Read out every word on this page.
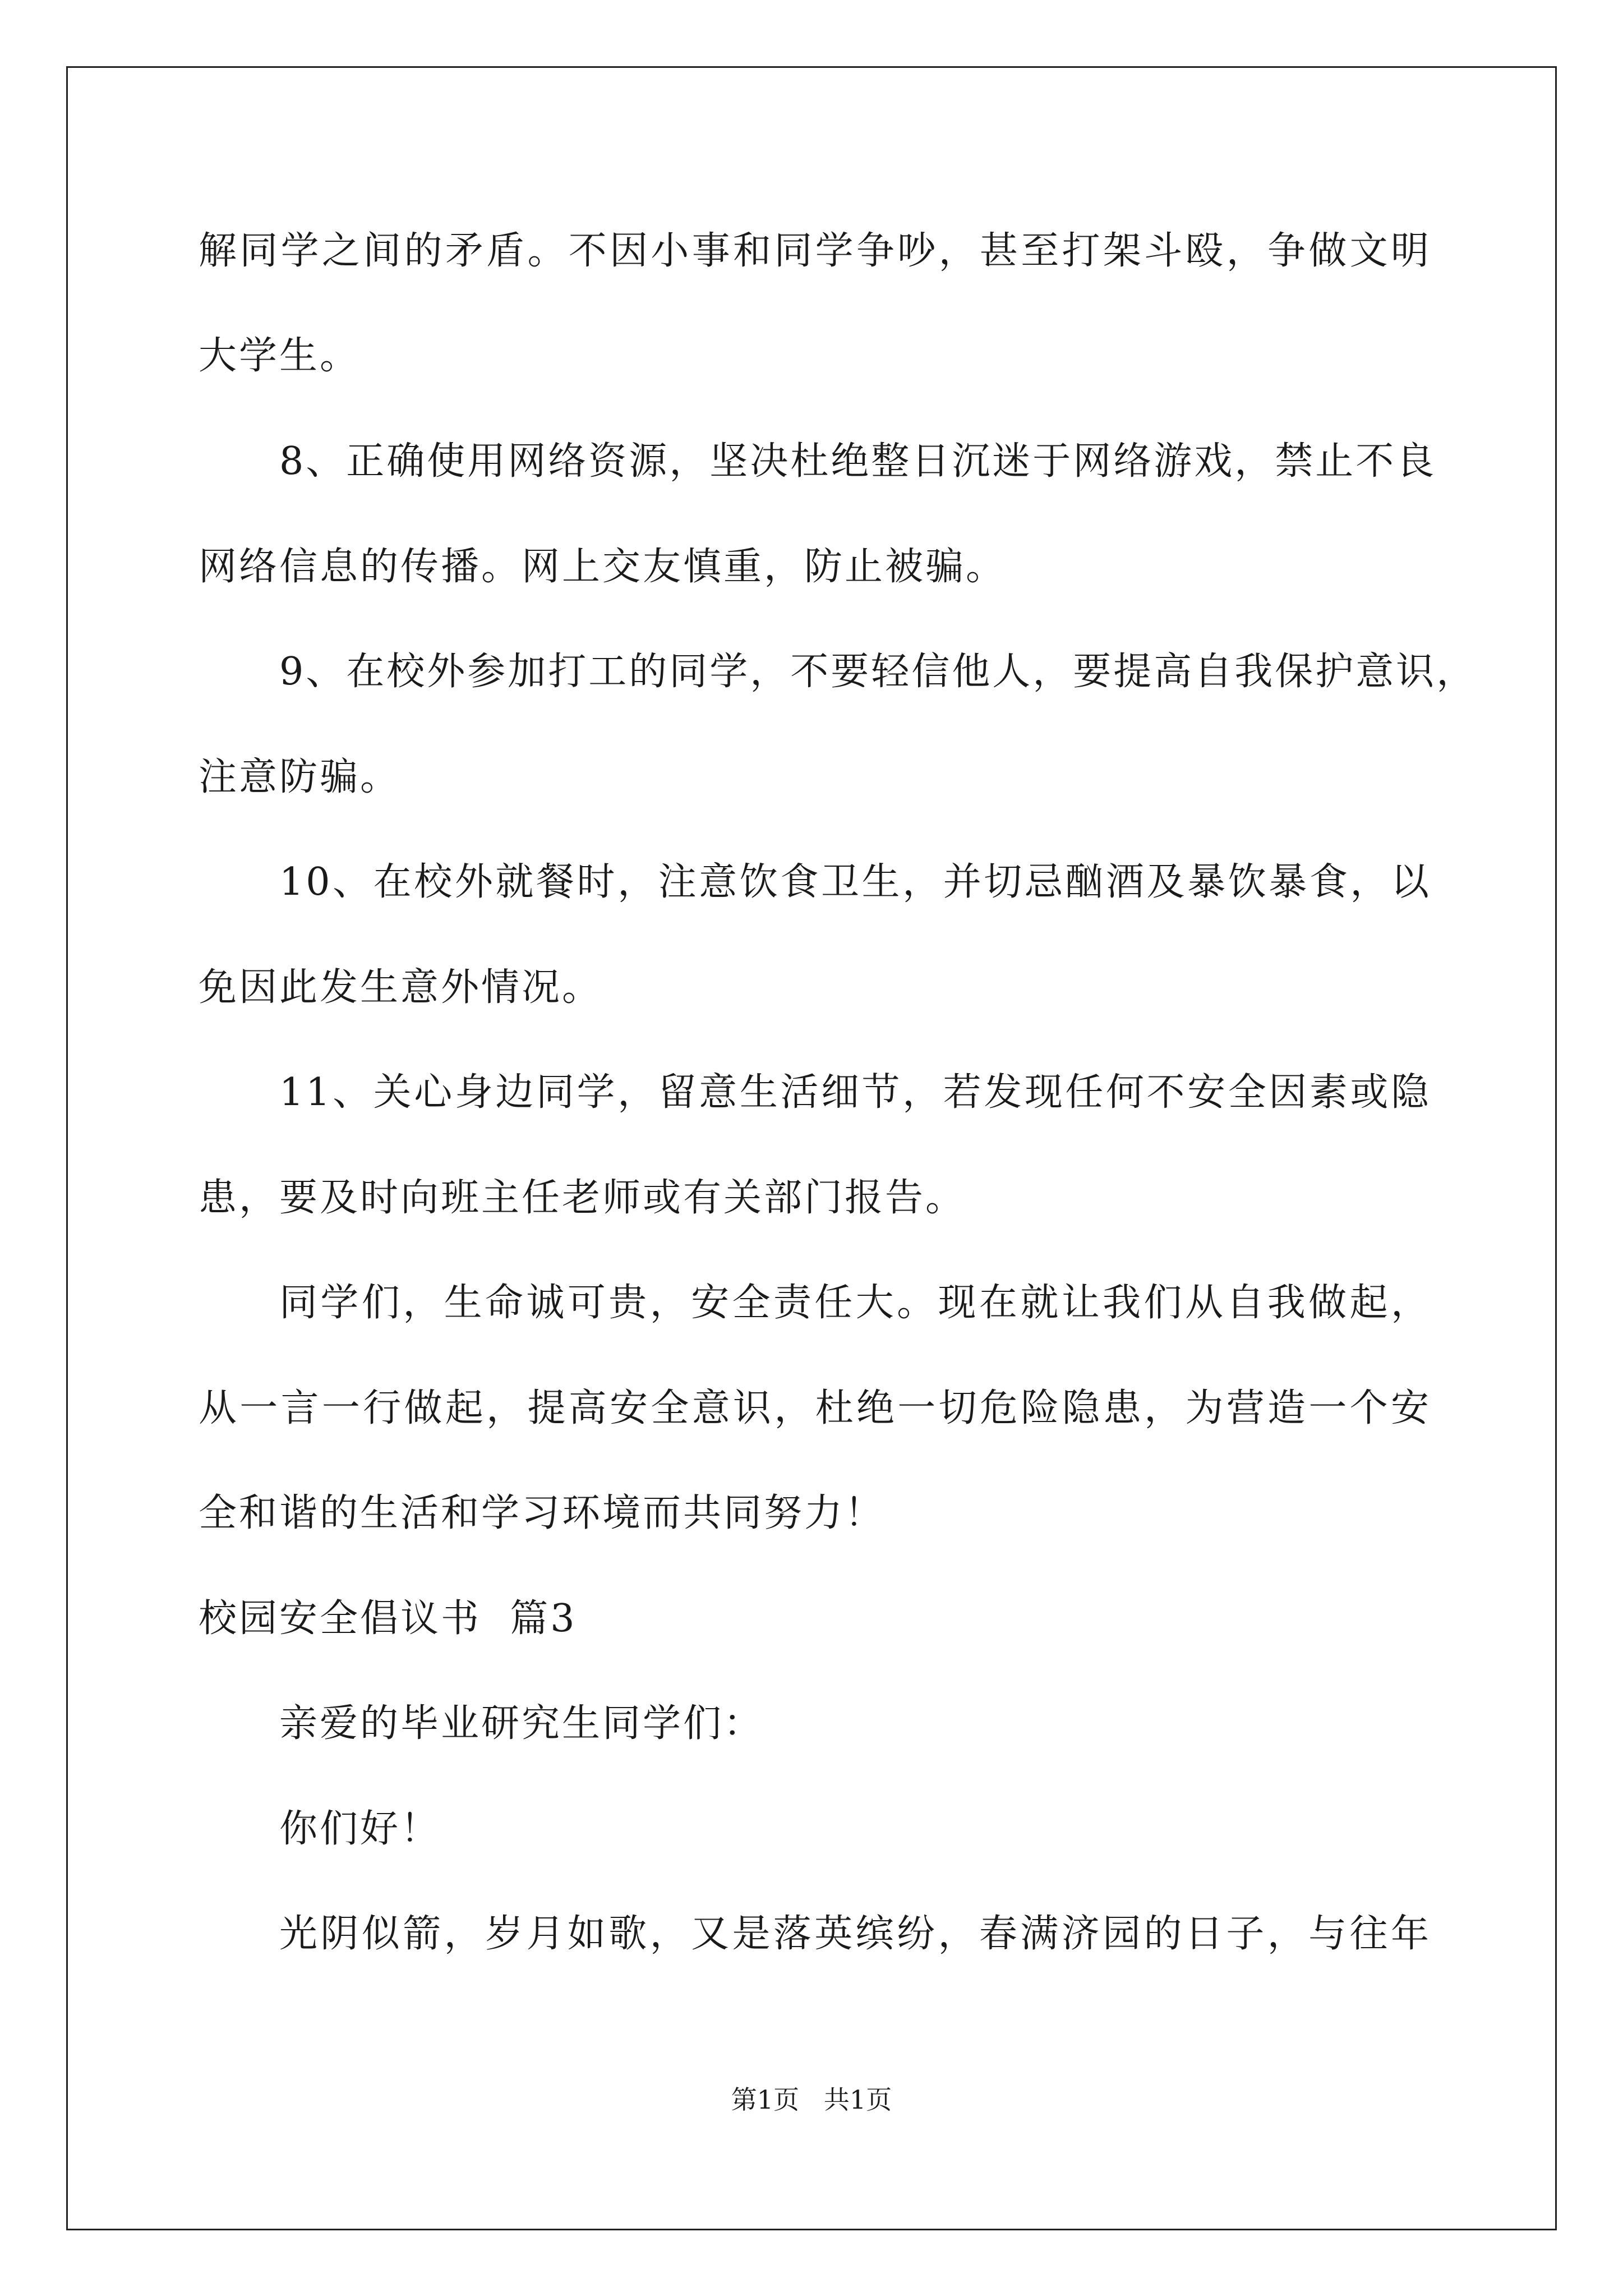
解同学之间的矛盾。不因小事和同学争吵，甚至打架斗殴，争做文明
大学生。
8、正确使用网络资源，坚决杜绝整日沉迷于网络游戏，禁止不良
网络信息的传播。网上交友慎重，防止被骗。
9、在校外参加打工的同学，不要轻信他人，要提高自我保护意识，
注意防骗。
10、在校外就餐时，注意饮食卫生，并切忌酗酒及暴饮暴食，以
免因此发生意外情况。
11、关心身边同学，留意生活细节，若发现任何不安全因素或隐
患，要及时向班主任老师或有关部门报告。
同学们，生命诚可贵，安全责任大。现在就让我们从自我做起，
从一言一行做起，提高安全意识，杜绝一切危险隐患，为营造一个安
全和谐的生活和学习环境而共同努力！
校园安全倡议书  篇3
亲爱的毕业研究生同学们：
你们好！
光阴似箭，岁月如歌，又是落英缤纷，春满济园的日子，与往年
第1页   共1页
